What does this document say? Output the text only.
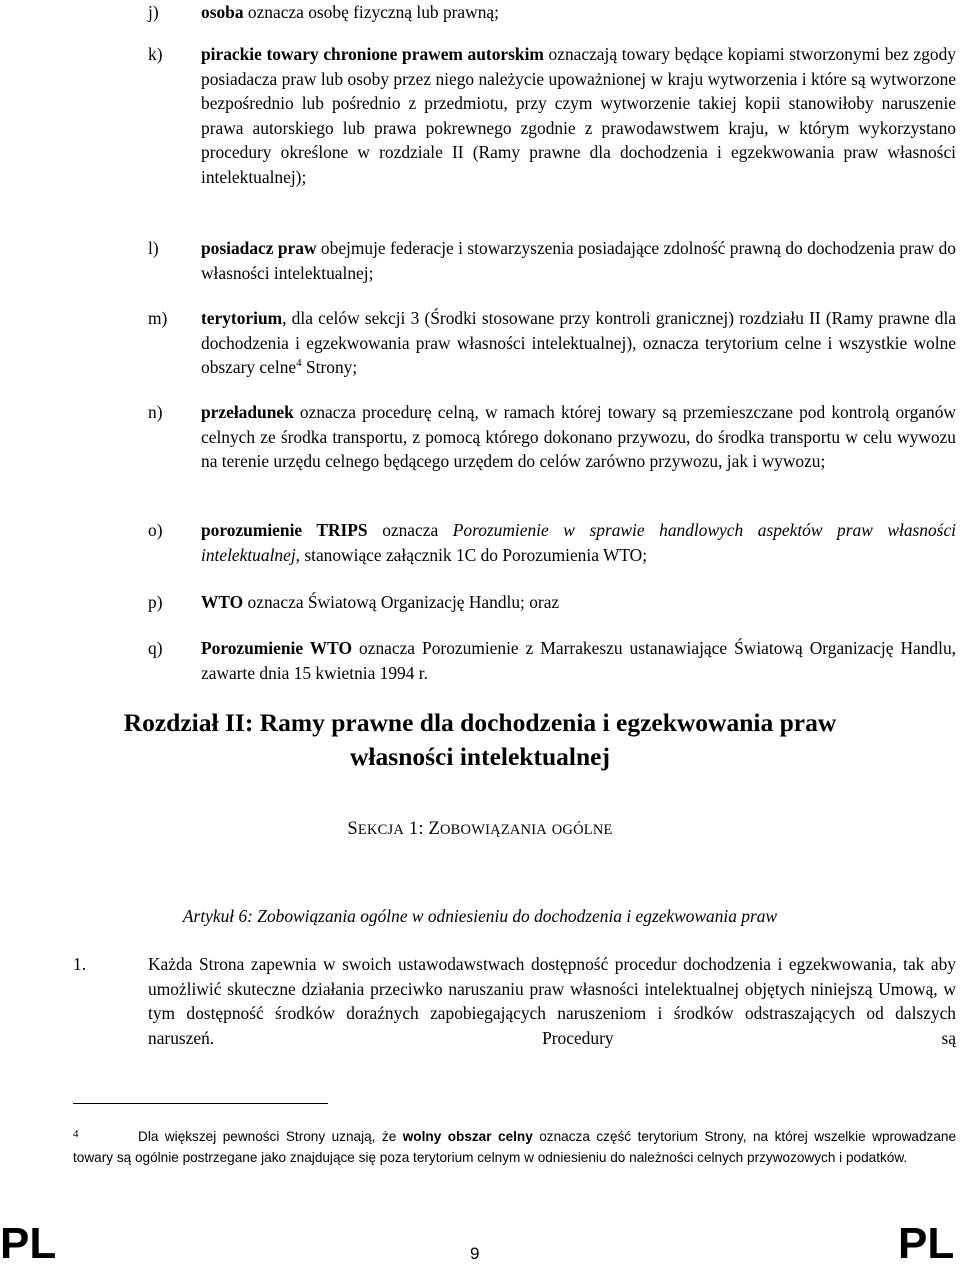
j)	osoba oznacza osobę fizyczną lub prawną;
k)	pirackie towary chronione prawem autorskim oznaczają towary będące kopiami stworzonymi bez zgody posiadacza praw lub osoby przez niego należycie upoważnionej w kraju wytworzenia i które są wytworzone bezpośrednio lub pośrednio z przedmiotu, przy czym wytworzenie takiej kopii stanowiłoby naruszenie prawa autorskiego lub prawa pokrewnego zgodnie z prawodawstwem kraju, w którym wykorzystano procedury określone w rozdziale II (Ramy prawne dla dochodzenia i egzekwowania praw własności intelektualnej);
l)	posiadacz praw obejmuje federacje i stowarzyszenia posiadające zdolność prawną do dochodzenia praw do własności intelektualnej;
m)	terytorium, dla celów sekcji 3 (Środki stosowane przy kontroli granicznej) rozdziału II (Ramy prawne dla dochodzenia i egzekwowania praw własności intelektualnej), oznacza terytorium celne i wszystkie wolne obszary celne$^4$ Strony;
n)	przeładunek oznacza procedurę celną, w ramach której towary są przemieszczane pod kontrolą organów celnych ze środka transportu, z pomocą którego dokonano przywozu, do środka transportu w celu wywozu na terenie urzędu celnego będącego urzędem do celów zarówno przywozu, jak i wywozu;
o)	porozumienie TRIPS oznacza Porozumienie w sprawie handlowych aspektów praw własności intelektualnej, stanowiące załącznik 1C do Porozumienia WTO;
p)	WTO oznacza Światową Organizację Handlu; oraz
q)	Porozumienie WTO oznacza Porozumienie z Marrakeszu ustanawiające Światową Organizację Handlu, zawarte dnia 15 kwietnia 1994 r.
Rozdział II: Ramy prawne dla dochodzenia i egzekwowania praw
własności intelektualnej
SEKCJA 1: ZOBOWIĄZANIA OGÓLNE
Artykuł 6: Zobowiązania ogólne w odniesieniu do dochodzenia i egzekwowania praw
1.	Każda Strona zapewnia w swoich ustawodawstwach dostępność procedur dochodzenia i egzekwowania, tak aby umożliwić skuteczne działania przeciwko naruszaniu praw własności intelektualnej objętych niniejszą Umową, w tym dostępność środków doraźnych zapobiegających naruszeniom i środków odstraszających od dalszych naruszeń. Procedury są
4	Dla większej pewności Strony uznają, że wolny obszar celny oznacza część terytorium Strony, na której wszelkie wprowadzane towary są ogólnie postrzegane jako znajdujące się poza terytorium celnym w odniesieniu do należności celnych przywozowych i podatków.
PL	9	PL
